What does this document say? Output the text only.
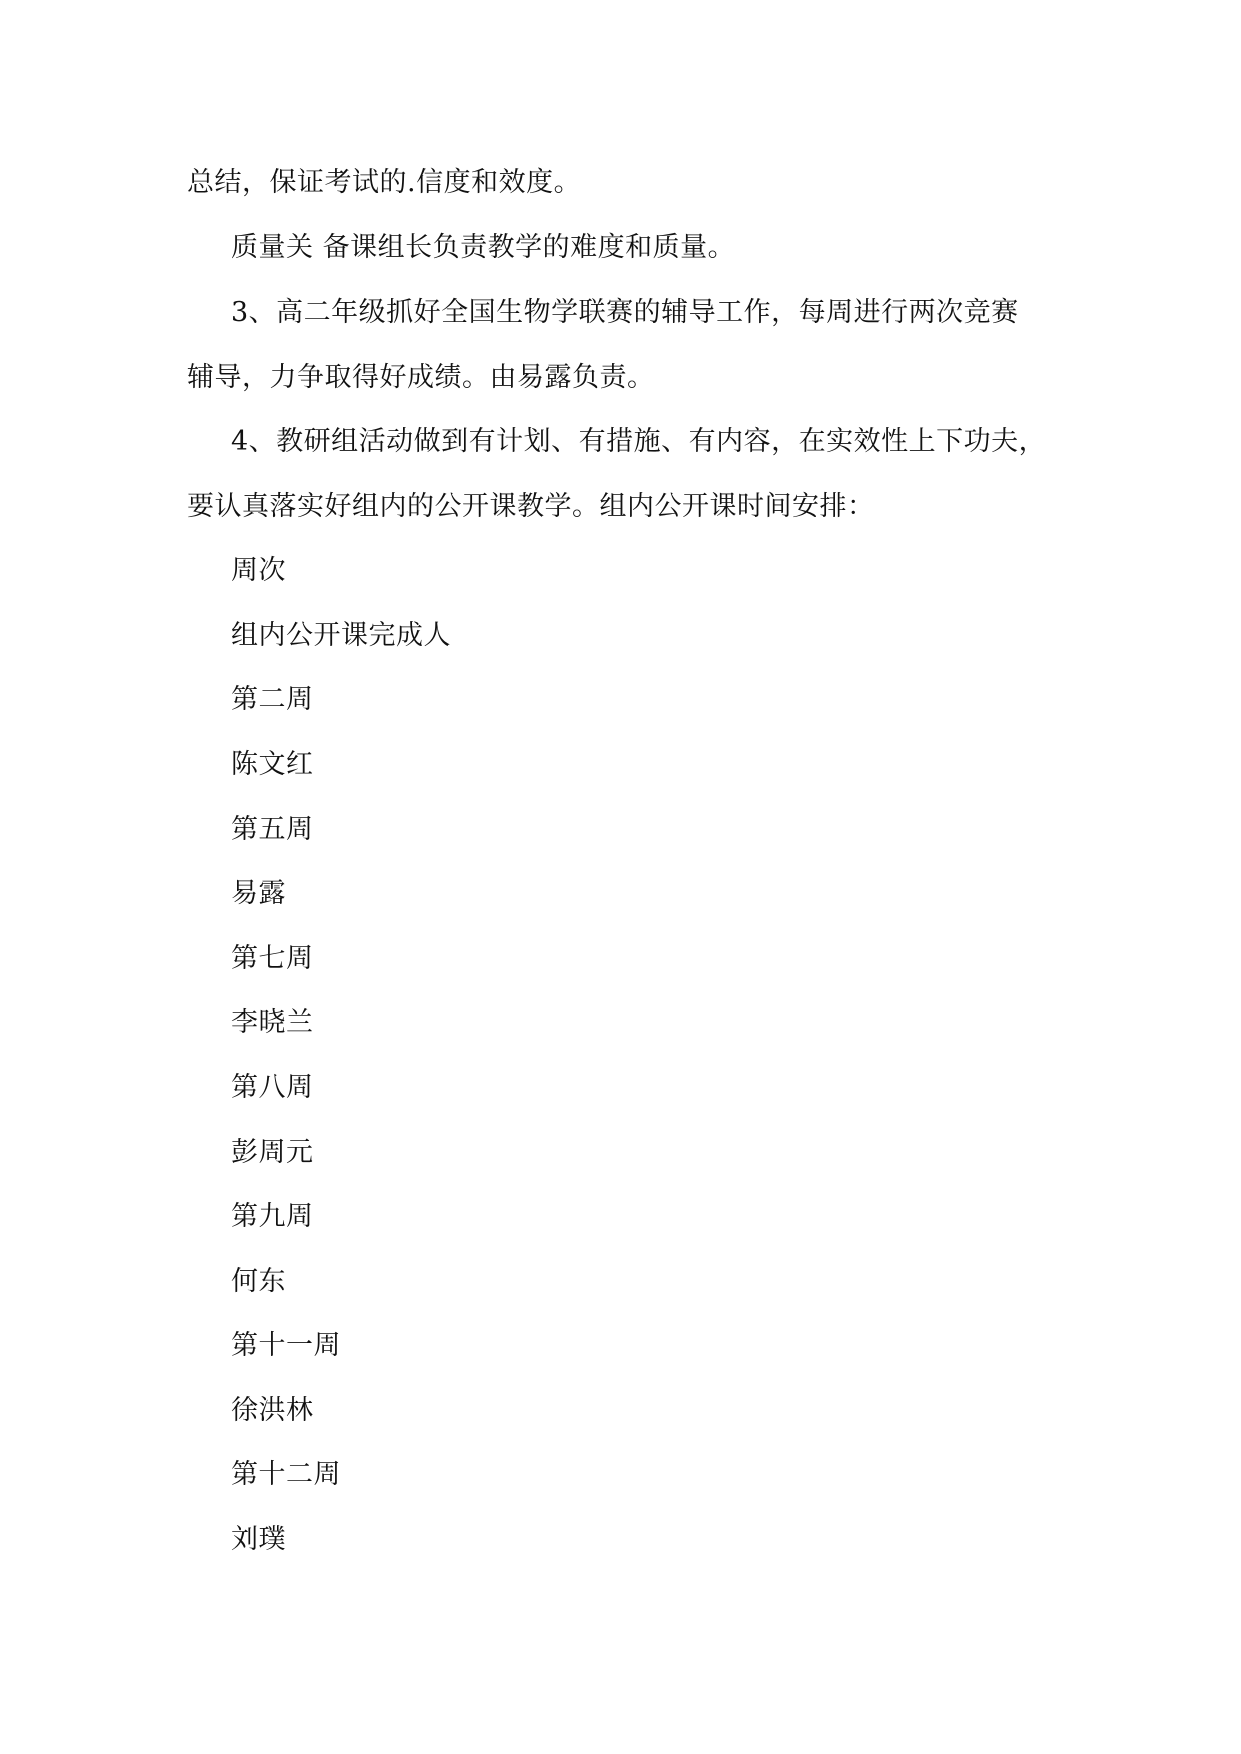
总结，保证考试的.信度和效度。
质量关 备课组长负责教学的难度和质量。
3、高二年级抓好全国生物学联赛的辅导工作，每周进行两次竞赛
辅导，力争取得好成绩。由易露负责。
4、教研组活动做到有计划、有措施、有内容，在实效性上下功夫，
要认真落实好组内的公开课教学。组内公开课时间安排：
周次
组内公开课完成人
第二周
陈文红
第五周
易露
第七周
李晓兰
第八周
彭周元
第九周
何东
第十一周
徐洪林
第十二周
刘璞
